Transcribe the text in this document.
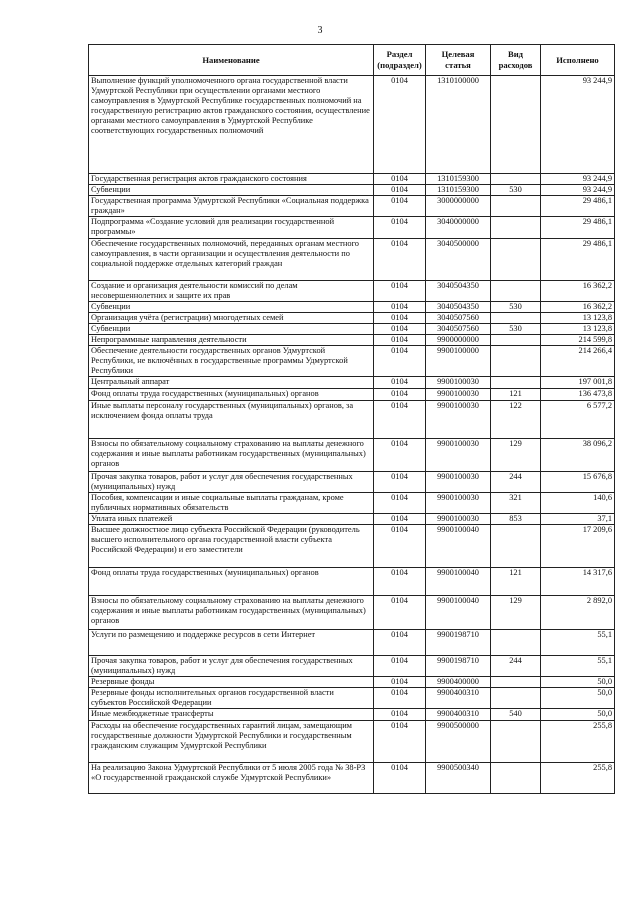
3
Наименование	Раздел (подраздел)	Целевая статья	Вид расходов	Исполнено
Выполнение функций уполномоченного органа государственной власти Удмуртской Республики при осуществлении органами местного самоуправления в Удмуртской Республике государственных полномочий на государственную регистрацию актов гражданского состояния, осуществление органами местного самоуправления в Удмуртской Республике соответствующих государственных полномочий	0104	1310100000		93 244,9
Государственная регистрация актов гражданского состояния	0104	1310159300		93 244,9
Субвенции	0104	1310159300	530	93 244,9
Государственная программа Удмуртской Республики «Социальная поддержка граждан»	0104	3000000000		29 486,1
Подпрограмма «Создание условий для реализации государственной программы»	0104	3040000000		29 486,1
Обеспечение государственных полномочий, переданных органам местного самоуправления, в части организации и осуществления деятельности по социальной поддержке отдельных категорий граждан	0104	3040500000		29 486,1
Создание и организация деятельности комиссий по делам несовершеннолетних и защите их прав	0104	3040504350		16 362,2
Субвенции	0104	3040504350	530	16 362,2
Организация учёта (регистрации) многодетных семей	0104	3040507560		13 123,8
Субвенции	0104	3040507560	530	13 123,8
Непрограммные направления деятельности	0104	9900000000		214 599,8
Обеспечение деятельности государственных органов Удмуртской Республики, не включённых в государственные программы Удмуртской Республики	0104	9900100000		214 266,4
Центральный аппарат	0104	9900100030		197 001,8
Фонд оплаты труда государственных (муниципальных) органов	0104	9900100030	121	136 473,8
Иные выплаты персоналу государственных (муниципальных) органов, за исключением фонда оплаты труда	0104	9900100030	122	6 577,2
Взносы по обязательному социальному страхованию на выплаты денежного содержания и иные выплаты работникам государственных (муниципальных) органов	0104	9900100030	129	38 096,2
Прочая закупка товаров, работ и услуг для обеспечения государственных (муниципальных) нужд	0104	9900100030	244	15 676,8
Пособия, компенсации и иные социальные выплаты гражданам, кроме публичных нормативных обязательств	0104	9900100030	321	140,6
Уплата иных платежей	0104	9900100030	853	37,1
Высшее должностное лицо субъекта Российской Федерации (руководитель высшего исполнительного органа государственной власти субъекта Российской Федерации) и его заместители	0104	9900100040		17 209,6
Фонд оплаты труда государственных (муниципальных) органов	0104	9900100040	121	14 317,6
Взносы по обязательному социальному страхованию на выплаты денежного содержания и иные выплаты работникам государственных (муниципальных) органов	0104	9900100040	129	2 892,0
Услуги по размещению и поддержке ресурсов в сети Интернет	0104	9900198710		55,1
Прочая закупка товаров, работ и услуг для обеспечения государственных (муниципальных) нужд	0104	9900198710	244	55,1
Резервные фонды	0104	9900400000		50,0
Резервные фонды исполнительных органов государственной власти субъектов Российской Федерации	0104	9900400310		50,0
Иные межбюджетные трансферты	0104	9900400310	540	50,0
Расходы на обеспечение государственных гарантий лицам, замещающим государственные должности Удмуртской Республики и государственным гражданским служащим Удмуртской Республики	0104	9900500000		255,8
На реализацию Закона Удмуртской Республики от 5 июля 2005 года № 38-РЗ «О государственной гражданской службе Удмуртской Республики»	0104	9900500340		255,8
